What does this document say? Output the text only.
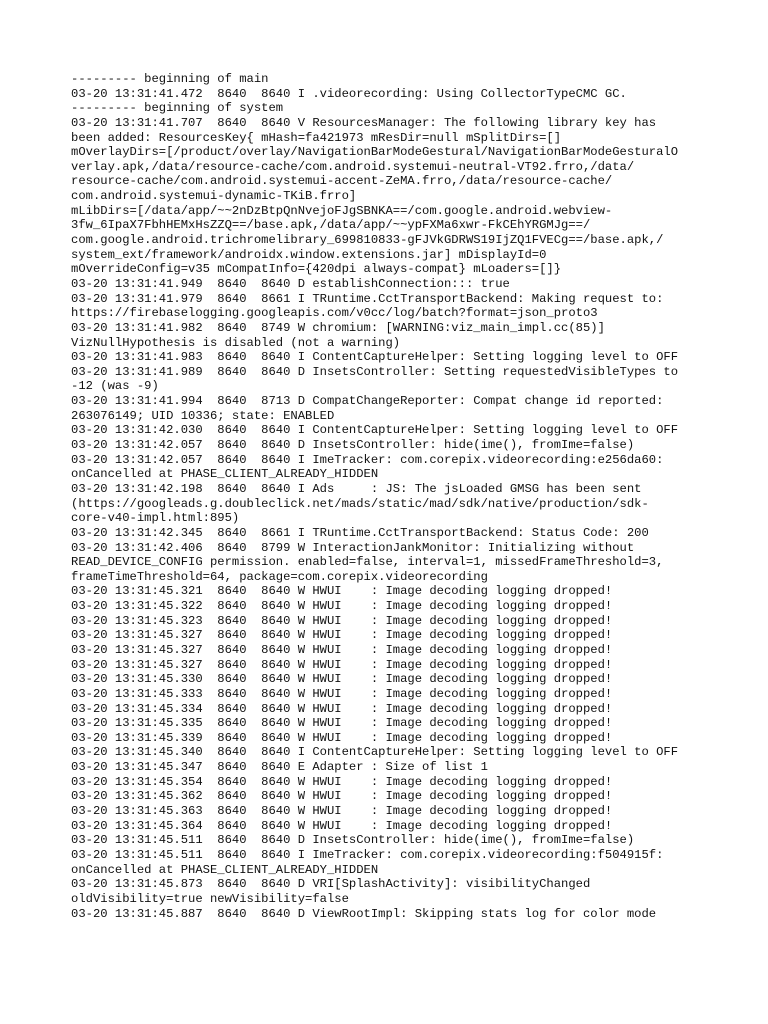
--------- beginning of main
03-20 13:31:41.472  8640  8640 I .videorecording: Using CollectorTypeCMC GC.
--------- beginning of system
03-20 13:31:41.707  8640  8640 V ResourcesManager: The following library key has
been added: ResourcesKey{ mHash=fa421973 mResDir=null mSplitDirs=[]
mOverlayDirs=[/product/overlay/NavigationBarModeGestural/NavigationBarModeGesturalO
verlay.apk,/data/resource-cache/com.android.systemui-neutral-VT92.frro,/data/
resource-cache/com.android.systemui-accent-ZeMA.frro,/data/resource-cache/
com.android.systemui-dynamic-TKiB.frro]
mLibDirs=[/data/app/~~2nDzBtpQnNvejoFJgSBNKA==/com.google.android.webview-
3fw_6IpaX7FbhHEMxHsZZQ==/base.apk,/data/app/~~ypFXMa6xwr-FkCEhYRGMJg==/
com.google.android.trichromelibrary_699810833-gFJVkGDRWS19IjZQ1FVECg==/base.apk,/
system_ext/framework/androidx.window.extensions.jar] mDisplayId=0
mOverrideConfig=v35 mCompatInfo={420dpi always-compat} mLoaders=[]}
03-20 13:31:41.949  8640  8640 D establishConnection::: true
03-20 13:31:41.979  8640  8661 I TRuntime.CctTransportBackend: Making request to:
https://firebaselogging.googleapis.com/v0cc/log/batch?format=json_proto3
03-20 13:31:41.982  8640  8749 W chromium: [WARNING:viz_main_impl.cc(85)]
VizNullHypothesis is disabled (not a warning)
03-20 13:31:41.983  8640  8640 I ContentCaptureHelper: Setting logging level to OFF
03-20 13:31:41.989  8640  8640 D InsetsController: Setting requestedVisibleTypes to
-12 (was -9)
03-20 13:31:41.994  8640  8713 D CompatChangeReporter: Compat change id reported:
263076149; UID 10336; state: ENABLED
03-20 13:31:42.030  8640  8640 I ContentCaptureHelper: Setting logging level to OFF
03-20 13:31:42.057  8640  8640 D InsetsController: hide(ime(), fromIme=false)
03-20 13:31:42.057  8640  8640 I ImeTracker: com.corepix.videorecording:e256da60:
onCancelled at PHASE_CLIENT_ALREADY_HIDDEN
03-20 13:31:42.198  8640  8640 I Ads     : JS: The jsLoaded GMSG has been sent
(https://googleads.g.doubleclick.net/mads/static/mad/sdk/native/production/sdk-
core-v40-impl.html:895)
03-20 13:31:42.345  8640  8661 I TRuntime.CctTransportBackend: Status Code: 200
03-20 13:31:42.406  8640  8799 W InteractionJankMonitor: Initializing without
READ_DEVICE_CONFIG permission. enabled=false, interval=1, missedFrameThreshold=3,
frameTimeThreshold=64, package=com.corepix.videorecording
03-20 13:31:45.321  8640  8640 W HWUI    : Image decoding logging dropped!
03-20 13:31:45.322  8640  8640 W HWUI    : Image decoding logging dropped!
03-20 13:31:45.323  8640  8640 W HWUI    : Image decoding logging dropped!
03-20 13:31:45.327  8640  8640 W HWUI    : Image decoding logging dropped!
03-20 13:31:45.327  8640  8640 W HWUI    : Image decoding logging dropped!
03-20 13:31:45.327  8640  8640 W HWUI    : Image decoding logging dropped!
03-20 13:31:45.330  8640  8640 W HWUI    : Image decoding logging dropped!
03-20 13:31:45.333  8640  8640 W HWUI    : Image decoding logging dropped!
03-20 13:31:45.334  8640  8640 W HWUI    : Image decoding logging dropped!
03-20 13:31:45.335  8640  8640 W HWUI    : Image decoding logging dropped!
03-20 13:31:45.339  8640  8640 W HWUI    : Image decoding logging dropped!
03-20 13:31:45.340  8640  8640 I ContentCaptureHelper: Setting logging level to OFF
03-20 13:31:45.347  8640  8640 E Adapter : Size of list 1
03-20 13:31:45.354  8640  8640 W HWUI    : Image decoding logging dropped!
03-20 13:31:45.362  8640  8640 W HWUI    : Image decoding logging dropped!
03-20 13:31:45.363  8640  8640 W HWUI    : Image decoding logging dropped!
03-20 13:31:45.364  8640  8640 W HWUI    : Image decoding logging dropped!
03-20 13:31:45.511  8640  8640 D InsetsController: hide(ime(), fromIme=false)
03-20 13:31:45.511  8640  8640 I ImeTracker: com.corepix.videorecording:f504915f:
onCancelled at PHASE_CLIENT_ALREADY_HIDDEN
03-20 13:31:45.873  8640  8640 D VRI[SplashActivity]: visibilityChanged
oldVisibility=true newVisibility=false
03-20 13:31:45.887  8640  8640 D ViewRootImpl: Skipping stats log for color mode
